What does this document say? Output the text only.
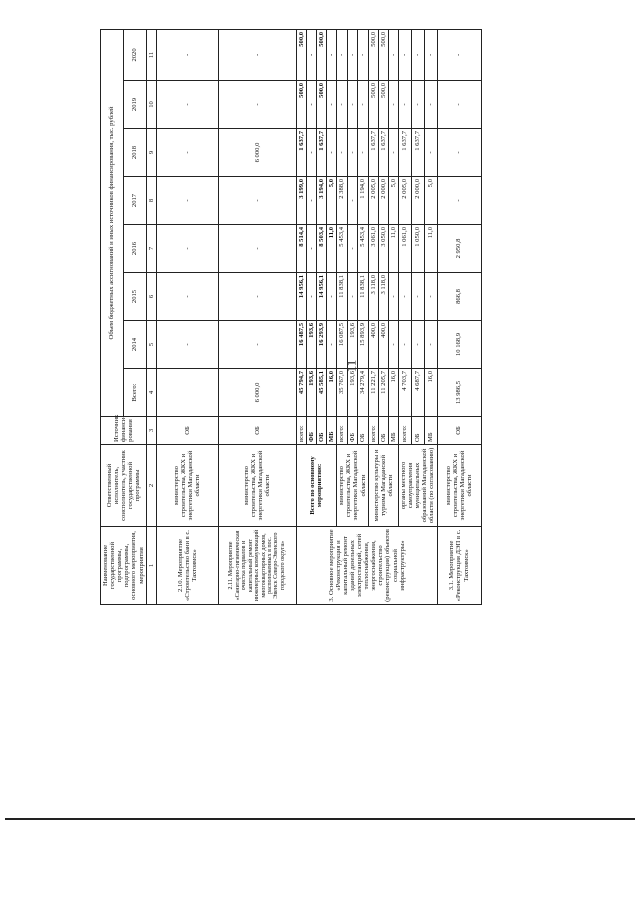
11
Наименование государственной программы, подпрограммы, основного мероприятия, мероприятия	Ответственный исполнитель, соисполнитель, участник государственной программы	Источник финанси-рования	Объем бюджетных ассигнований и иных источников финансирования, тыс. рублей							
			Всего:	2014	2015	2016	2017	2018	2019	2020
1	2	3	4	5	6	7	8	9	10	11
2.10. Мероприятие «Строительство бани в с. Тахтоямск»	министерство строительства, ЖКХ и энергетики Магаданской области	ОБ		-	-	-	-	-	-	-
2.11. Мероприятие «Санитарно-гигиеническая очистка подвалов и капитальный ремонт инженерных коммуникаций многоквартирных домов, расположенных в пос. Эвенск Северо-Эвенского городского округа»	министерство строительства, ЖКХ и энергетики Магаданской области	ОБ	6 000,0	-	-	-	-	6 000,0	-	-
3. Основное мероприятие «Реконструкция и капитальный ремонт зданий дизельных электростанций, сетей теплоснабжения, энергоснабжения, строительство (реконструкция) объектов социальной инфраструктуры»	Всего по основному мероприятию:	всего:	45 794,7	16 487,5	14 956,1	8 514,4	3 199,0	1 637,7	500,0	500,0
		ФБ	193,6	193,6	-	-	-	-	-	-
		ОБ	45 585,1	16 293,9	14 956,1	8 503,4	3 194,0	1 637,7	500,0	500,0
		МБ	16,0	-	-	11,0	5,0	-	-	-
	министерство строительства, ЖКХ и энергетики Магаданской области	всего:	35 767,0	16 087,5	11 838,1	5 453,4	2 388,0	-	-	-
		ФБ	193,6	193,6	-	-	-	-	-	-
		ОБ	34 279,4	15 893,9	11 838,1	5 453,4	1 194,0	-	-	-
	министерство культуры и туризма Магаданской области	всего:	11 221,7	400,0	3 118,0	3 061,0	2 005,0	1 637,7	500,0	500,0
		ОБ	11 205,7	400,0	3 118,0	3 050,0	2 000,0	1 637,7	500,0	500,0
		МБ	16,0	-	-	11,0	5,0	-	-	-
	органы местного самоуправления муниципальных образований Магаданской области (по согласованию)	всего:	4 703,7	-	-	1 061,0	2 005,0	1 637,7	-	-
		ОБ	4 687,7	-	-	1 050,0	2 000,0	1 637,7	-	-
		МБ	16,0	-	-	11,0	5,0	-	-	-
3.1. Мероприятие «Реконструкция ДЭП в с. Тахтоямск»	министерство строительства, ЖКХ и энергетики Магаданской области	ОБ	13 986,5	10 168,9	866,8	2 950,8	-	-	-	-
